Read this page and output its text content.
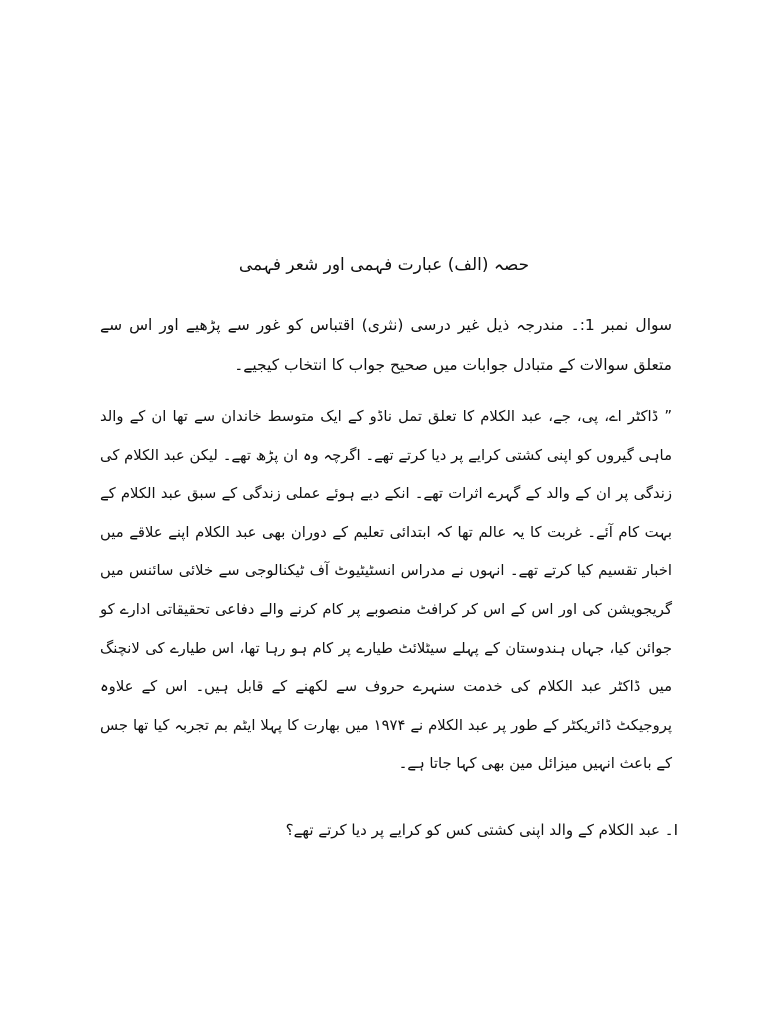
حصہ (الف) عبارت فہمی اور شعر فہمی

سوال نمبر 1:۔ مندرجہ ذیل غیر درسی (نثری) اقتباس کو غور سے پڑھیے اور اس سے متعلق سوالات کے متبادل جوابات میں صحیح جواب کا انتخاب کیجیے۔

” ڈاکٹر اے، پی، جے، عبد الکلام کا تعلق تمل ناڈو کے ایک متوسط خاندان سے تھا ان کے والد ماہی گیروں کو اپنی کشتی کرایے پر دیا کرتے تھے۔ اگرچہ وہ ان پڑھ تھے۔ لیکن عبد الکلام کی زندگی پر ان کے والد کے گہرے اثرات تھے۔ انکے دیے ہوئے عملی زندگی کے سبق عبد الکلام کے بہت کام آئے۔ غربت کا یہ عالم تھا کہ ابتدائی تعلیم کے دوران بھی عبد الکلام اپنے علاقے میں اخبار تقسیم کیا کرتے تھے۔ انہوں نے مدراس انسٹیٹیوٹ آف ٹیکنالوجی سے خلائی سائنس میں گریجویشن کی اور اس کے اس کر کرافٹ منصوبے پر کام کرنے والے دفاعی تحقیقاتی ادارے کو جوائن کیا، جہاں ہندوستان کے پہلے سیٹلائٹ طیارے پر کام ہو رہا تھا، اس طیارے کی لانچنگ میں ڈاکٹر عبد الکلام کی خدمت سنہرے حروف سے لکھنے کے قابل ہیں۔ اس کے علاوہ پروجیکٹ ڈائریکٹر کے طور پر عبد الکلام نے ۱۹۷۴ میں بھارت کا پہلا ایٹم بم تجربہ کیا تھا جس کے باعث انہیں میزائل مین بھی کہا جاتا ہے۔

I۔ عبد الکلام کے والد اپنی کشتی کس کو کرایے پر دیا کرتے تھے؟
